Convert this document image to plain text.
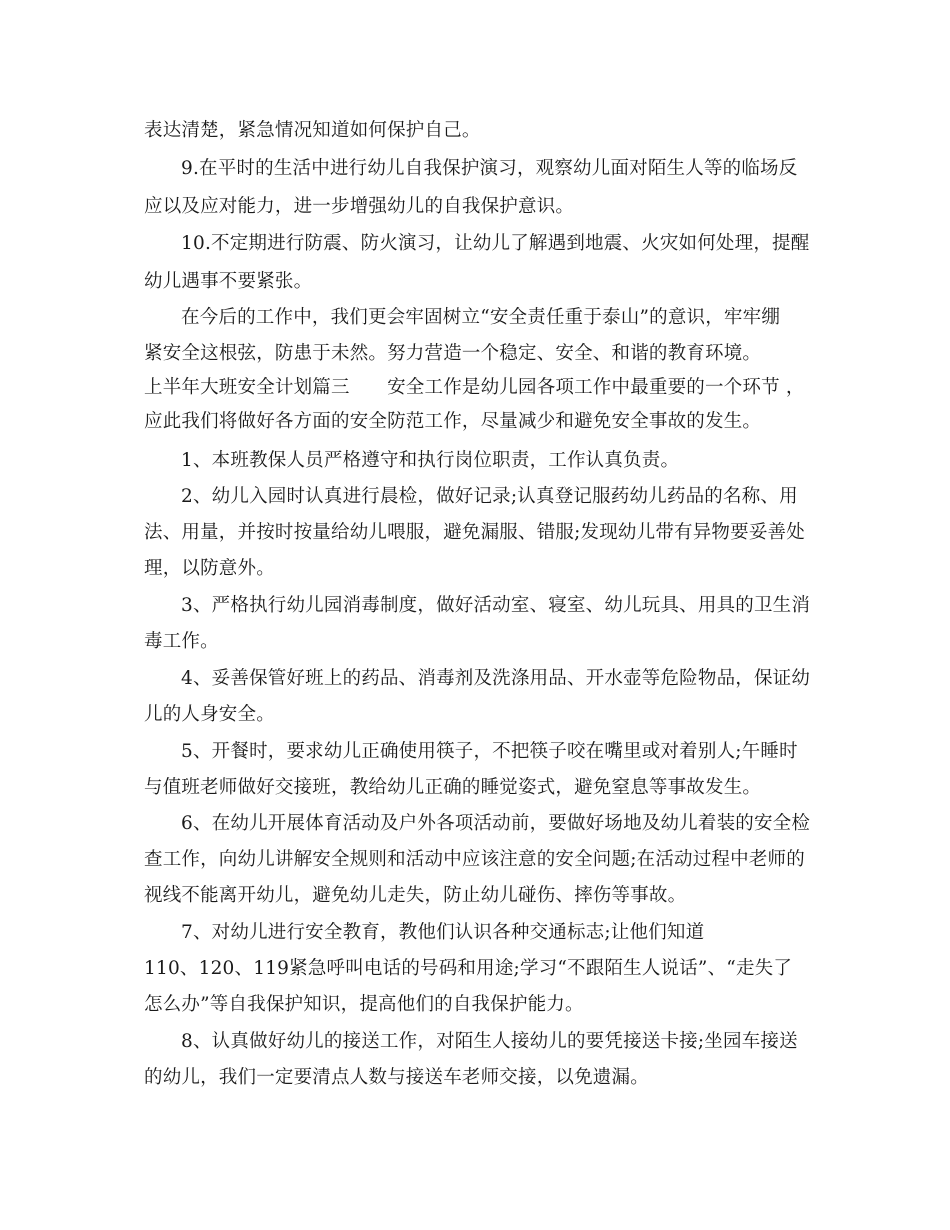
表达清楚，紧急情况知道如何保护自己。
9.在平时的生活中进行幼儿自我保护演习，观察幼儿面对陌生人等的临场反
应以及应对能力，进一步增强幼儿的自我保护意识。
10.不定期进行防震、防火演习，让幼儿了解遇到地震、火灾如何处理，提醒
幼儿遇事不要紧张。
在今后的工作中，我们更会牢固树立“安全责任重于泰山”的意识，牢牢绷
紧安全这根弦，防患于未然。努力营造一个稳定、安全、和谐的教育环境。
上半年大班安全计划篇三　　安全工作是幼儿园各项工作中最重要的一个环节 ，
应此我们将做好各方面的安全防范工作，尽量减少和避免安全事故的发生。
1、本班教保人员严格遵守和执行岗位职责，工作认真负责。
2、幼儿入园时认真进行晨检，做好记录;认真登记服药幼儿药品的名称、用
法、用量，并按时按量给幼儿喂服，避免漏服、错服;发现幼儿带有异物要妥善处
理，以防意外。
3、严格执行幼儿园消毒制度，做好活动室、寝室、幼儿玩具、用具的卫生消
毒工作。
4、妥善保管好班上的药品、消毒剂及洗涤用品、开水壶等危险物品，保证幼
儿的人身安全。
5、开餐时，要求幼儿正确使用筷子，不把筷子咬在嘴里或对着别人;午睡时
与值班老师做好交接班，教给幼儿正确的睡觉姿式，避免窒息等事故发生。
6、在幼儿开展体育活动及户外各项活动前，要做好场地及幼儿着装的安全检
查工作，向幼儿讲解安全规则和活动中应该注意的安全问题;在活动过程中老师的
视线不能离开幼儿，避免幼儿走失，防止幼儿碰伤、摔伤等事故。
7、对幼儿进行安全教育，教他们认识各种交通标志;让他们知道
110、120、119紧急呼叫电话的号码和用途;学习“不跟陌生人说话”、“走失了
怎么办”等自我保护知识，提高他们的自我保护能力。
8、认真做好幼儿的接送工作，对陌生人接幼儿的要凭接送卡接;坐园车接送
的幼儿，我们一定要清点人数与接送车老师交接，以免遗漏。
